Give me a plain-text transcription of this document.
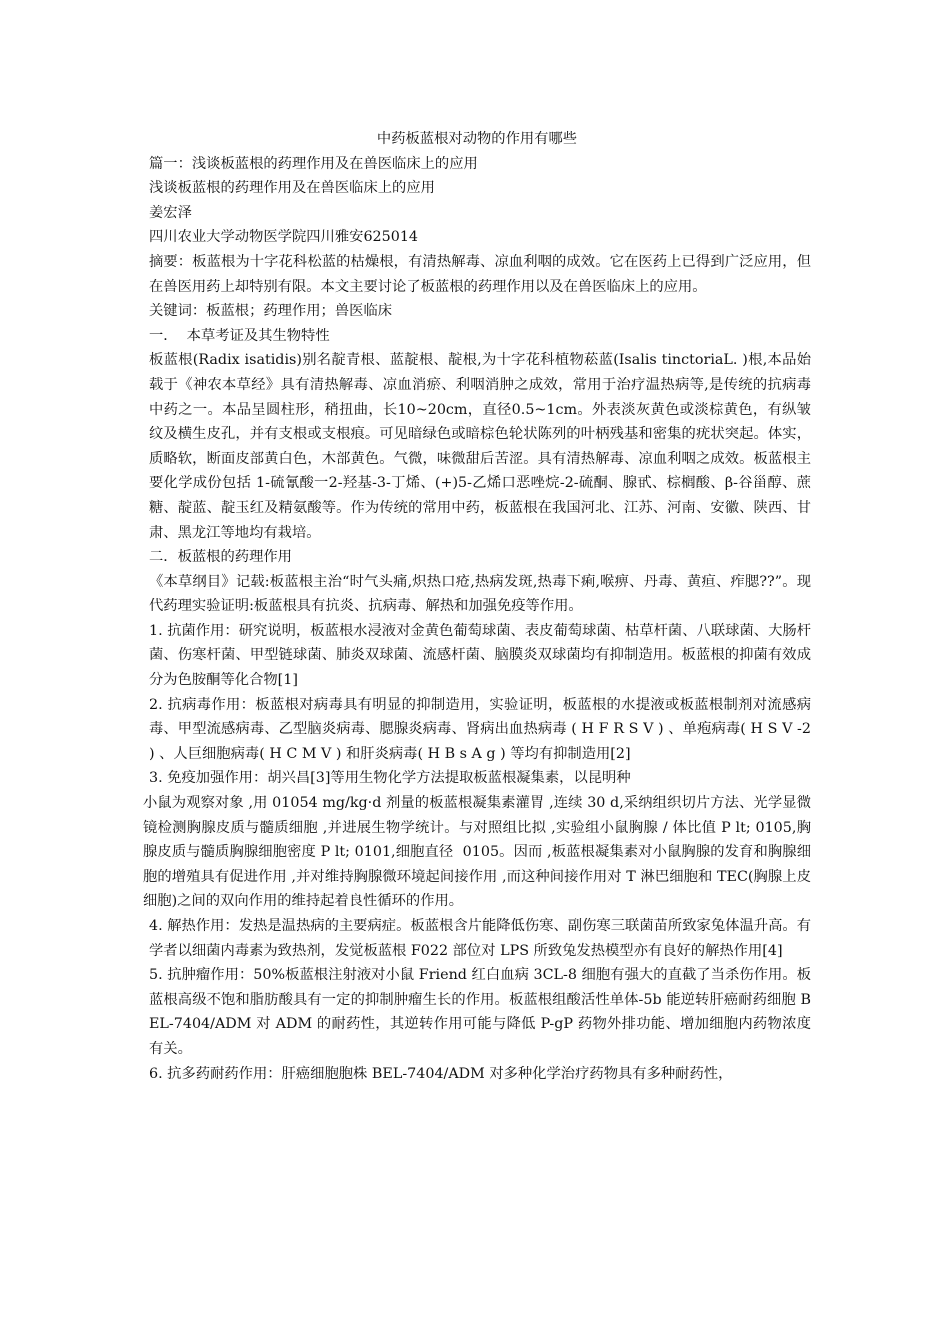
中药板蓝根对动物的作用有哪些

篇一：浅谈板蓝根的药理作用及在兽医临床上的应用

浅谈板蓝根的药理作用及在兽医临床上的应用

姜宏泽

四川农业大学动物医学院四川雅安625014

摘要：板蓝根为十字花科松蓝的枯燥根，有清热解毒、凉血利咽的成效。它在医药上已得到广泛应用，但在兽医用药上却特别有限。本文主要讨论了板蓝根的药理作用以及在兽医临床上的应用。

关键词：板蓝根；药理作用；兽医临床

一．  本草考证及其生物特性

板蓝根(Radix isatidis)别名靛青根、蓝靛根、靛根,为十字花科植物菘蓝(Isalis tinctoriaL. )根,本品始载于《神农本草经》具有清热解毒、凉血消瘀、利咽消肿之成效，常用于治疗温热病等,是传统的抗病毒中药之一。本品呈圆柱形，稍扭曲，长10~20cm，直径0.5~1cm。外表淡灰黄色或淡棕黄色，有纵皱纹及横生皮孔，并有支根或支根痕。可见暗绿色或暗棕色轮状陈列的叶柄残基和密集的疣状突起。体实，质略软，断面皮部黄白色，木部黄色。气微，味微甜后苦涩。具有清热解毒、凉血利咽之成效。板蓝根主要化学成份包括 1-硫氰酸一2-羟基-3-丁烯、(+)5-乙烯口恶唑烷-2-硫酮、腺甙、棕榈酸、β-谷甾醇、蔗糖、靛蓝、靛玉红及精氨酸等。作为传统的常用中药，板蓝根在我国河北、江苏、河南、安徽、陕西、甘肃、黑龙江等地均有栽培。

二．板蓝根的药理作用

《本草纲目》记载:板蓝根主治“时气头痛,炽热口疮,热病发斑,热毒下痢,喉痹、丹毒、黄疸、痄腮??”。现代药理实验证明:板蓝根具有抗炎、抗病毒、解热和加强免疫等作用。

1. 抗菌作用：研究说明，板蓝根水浸液对金黄色葡萄球菌、表皮葡萄球菌、枯草杆菌、八联球菌、大肠杆菌、伤寒杆菌、甲型链球菌、肺炎双球菌、流感杆菌、脑膜炎双球菌均有抑制造用。板蓝根的抑菌有效成分为色胺酮等化合物[1]

2. 抗病毒作用：板蓝根对病毒具有明显的抑制造用，实验证明，板蓝根的水提液或板蓝根制剂对流感病毒、甲型流感病毒、乙型脑炎病毒、腮腺炎病毒、肾病出血热病毒 ( H F R S V ) 、单疱病毒( H S V -2 ) 、人巨细胞病毒( H C M V ) 和肝炎病毒( H B s A g ) 等均有抑制造用[2]

3. 免疫加强作用：胡兴昌[3]等用生物化学方法提取板蓝根凝集素，以昆明种

小鼠为观察对象 ,用 01054 mg/kg·d 剂量的板蓝根凝集素灌胃 ,连续 30 d,采纳组织切片方法、光学显微镜检测胸腺皮质与髓质细胞 ,并进展生物学统计。与对照组比拟 ,实验组小鼠胸腺 / 体比值 P lt; 0105,胸腺皮质与髓质胸腺细胞密度 P lt; 0101,细胞直径  0105。因而 ,板蓝根凝集素对小鼠胸腺的发育和胸腺细胞的增殖具有促进作用 ,并对维持胸腺微环境起间接作用 ,而这种间接作用对 T 淋巴细胞和 TEC(胸腺上皮细胞)之间的双向作用的维持起着良性循环的作用。

4. 解热作用：发热是温热病的主要病症。板蓝根含片能降低伤寒、副伤寒三联菌苗所致家兔体温升高。有学者以细菌内毒素为致热剂，发觉板蓝根 F022 部位对 LPS 所致兔发热模型亦有良好的解热作用[4]

5. 抗肿瘤作用：50%板蓝根注射液对小鼠 Friend 红白血病 3CL-8 细胞有强大的直截了当杀伤作用。板蓝根高级不饱和脂肪酸具有一定的抑制肿瘤生长的作用。板蓝根组酸活性单体-5b 能逆转肝癌耐药细胞 BEL-7404/ADM 对 ADM 的耐药性，其逆转作用可能与降低 P-gP 药物外排功能、增加细胞内药物浓度有关。

6. 抗多药耐药作用：肝癌细胞胞株 BEL-7404/ADM 对多种化学治疗药物具有多种耐药性，
